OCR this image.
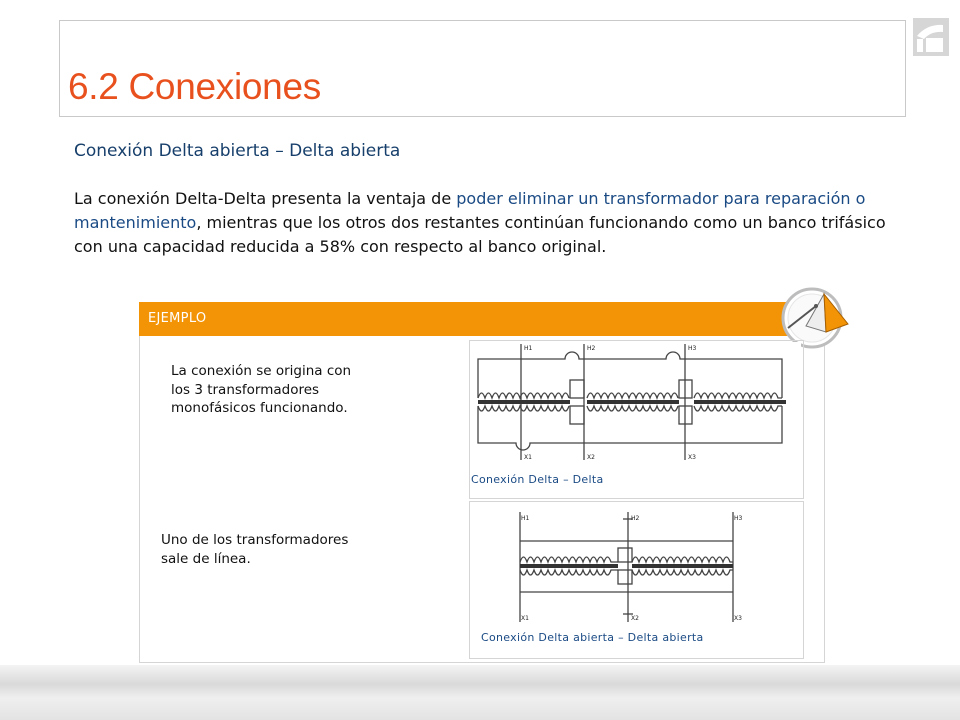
6.2 Conexiones
Conexión Delta abierta – Delta abierta

La conexión Delta-Delta presenta la ventaja de poder eliminar un transformador para reparación o mantenimiento, mientras que los otros dos restantes continúan funcionando como un banco trifásico con una capacidad reducida a 58% con respecto al banco original.

EJEMPLO

La conexión se origina con los 3 transformadores monofásicos funcionando.

Uno de los transformadores sale de línea.

H1	H2	H3
X1	X2	X3
Conexión Delta – Delta
H1	H2	H3
X1	X2	X3
Conexión Delta abierta – Delta abierta
